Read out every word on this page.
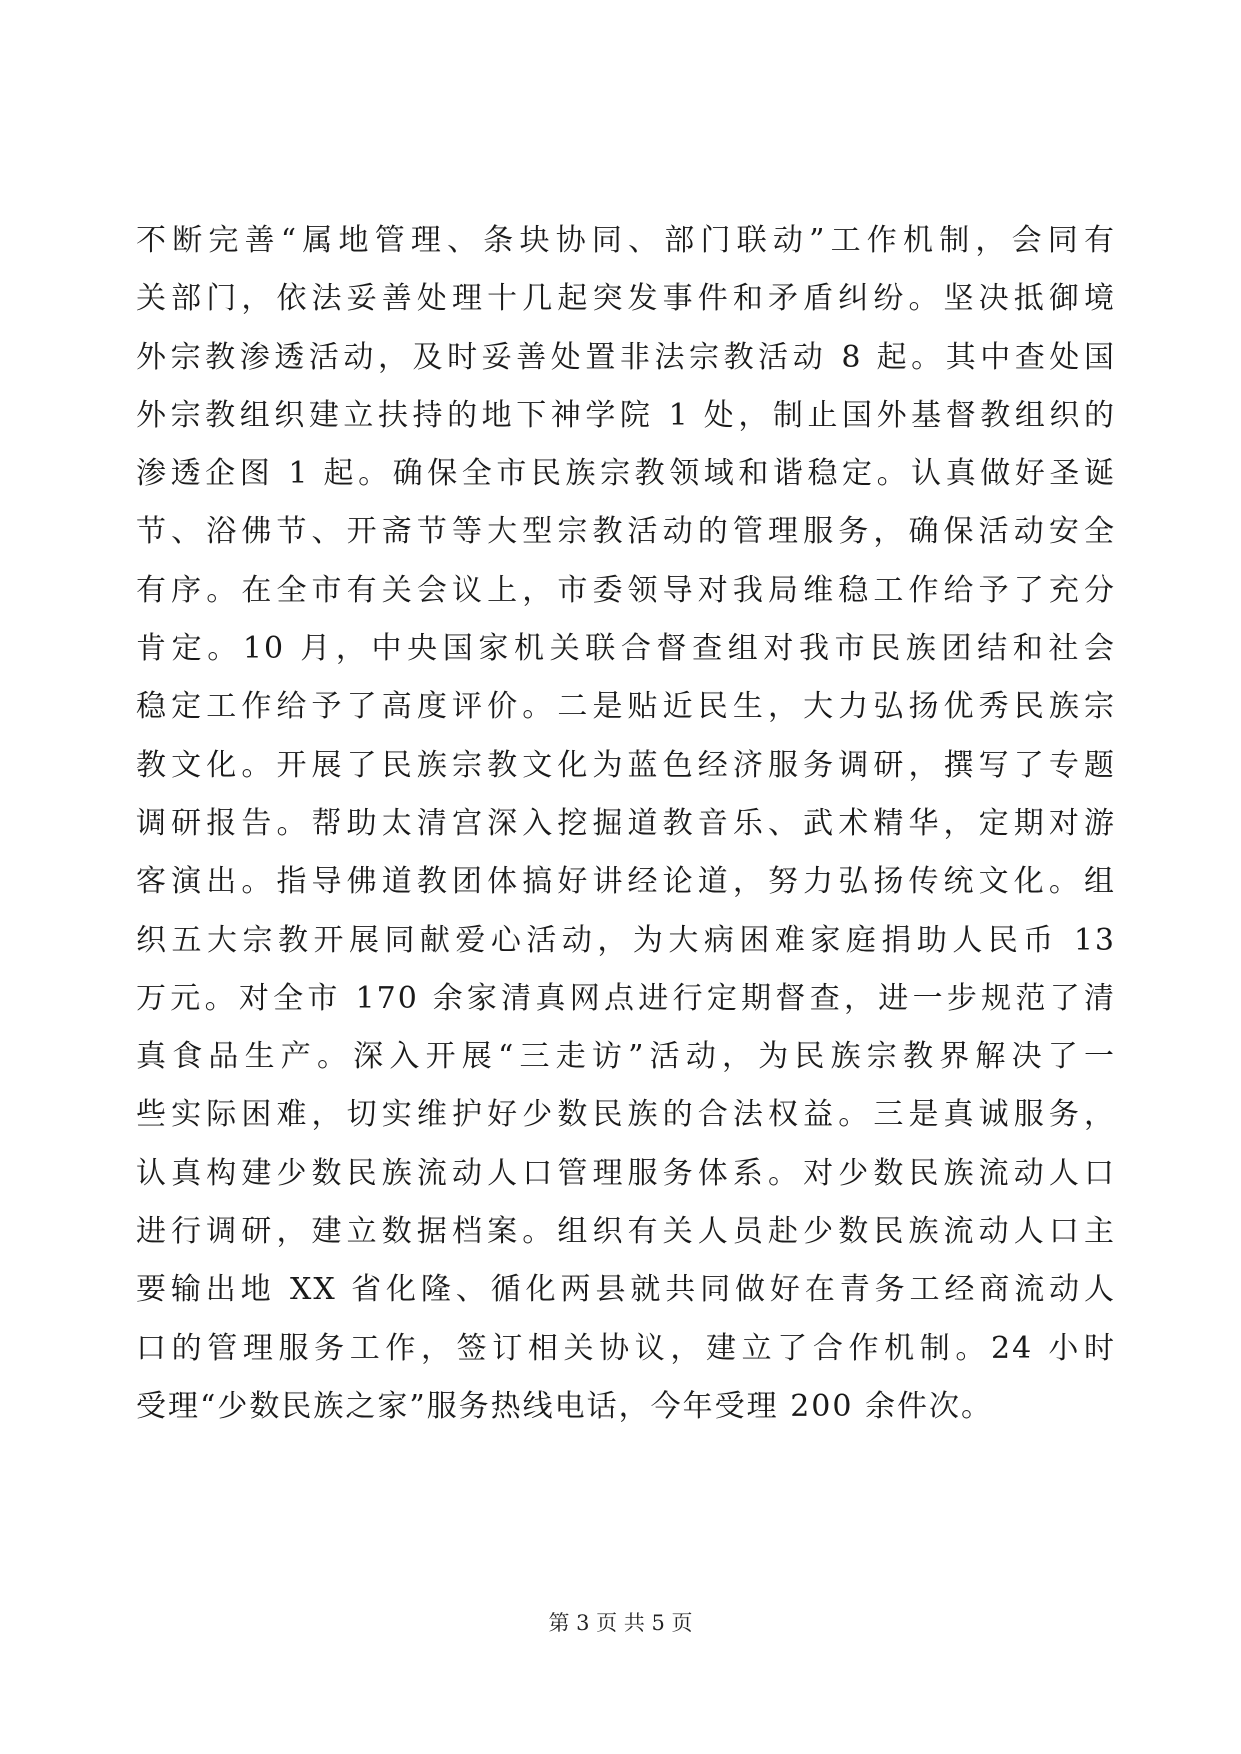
不断完善“属地管理、条块协同、部门联动”工作机制，会同有
关部门，依法妥善处理十几起突发事件和矛盾纠纷。坚决抵御境
外宗教渗透活动，及时妥善处置非法宗教活动 8 起。其中查处国
外宗教组织建立扶持的地下神学院 1 处，制止国外基督教组织的
渗透企图 1 起。确保全市民族宗教领域和谐稳定。认真做好圣诞
节、浴佛节、开斋节等大型宗教活动的管理服务，确保活动安全
有序。在全市有关会议上，市委领导对我局维稳工作给予了充分
肯定。10 月，中央国家机关联合督查组对我市民族团结和社会
稳定工作给予了高度评价。二是贴近民生，大力弘扬优秀民族宗
教文化。开展了民族宗教文化为蓝色经济服务调研，撰写了专题
调研报告。帮助太清宫深入挖掘道教音乐、武术精华，定期对游
客演出。指导佛道教团体搞好讲经论道，努力弘扬传统文化。组
织五大宗教开展同献爱心活动，为大病困难家庭捐助人民币 13
万元。对全市 170 余家清真网点进行定期督查，进一步规范了清
真食品生产。深入开展“三走访”活动，为民族宗教界解决了一
些实际困难，切实维护好少数民族的合法权益。三是真诚服务，
认真构建少数民族流动人口管理服务体系。对少数民族流动人口
进行调研，建立数据档案。组织有关人员赴少数民族流动人口主
要输出地 XX 省化隆、循化两县就共同做好在青务工经商流动人
口的管理服务工作，签订相关协议，建立了合作机制。24 小时
受理“少数民族之家”服务热线电话，今年受理 200 余件次。
第 3 页 共 5 页
